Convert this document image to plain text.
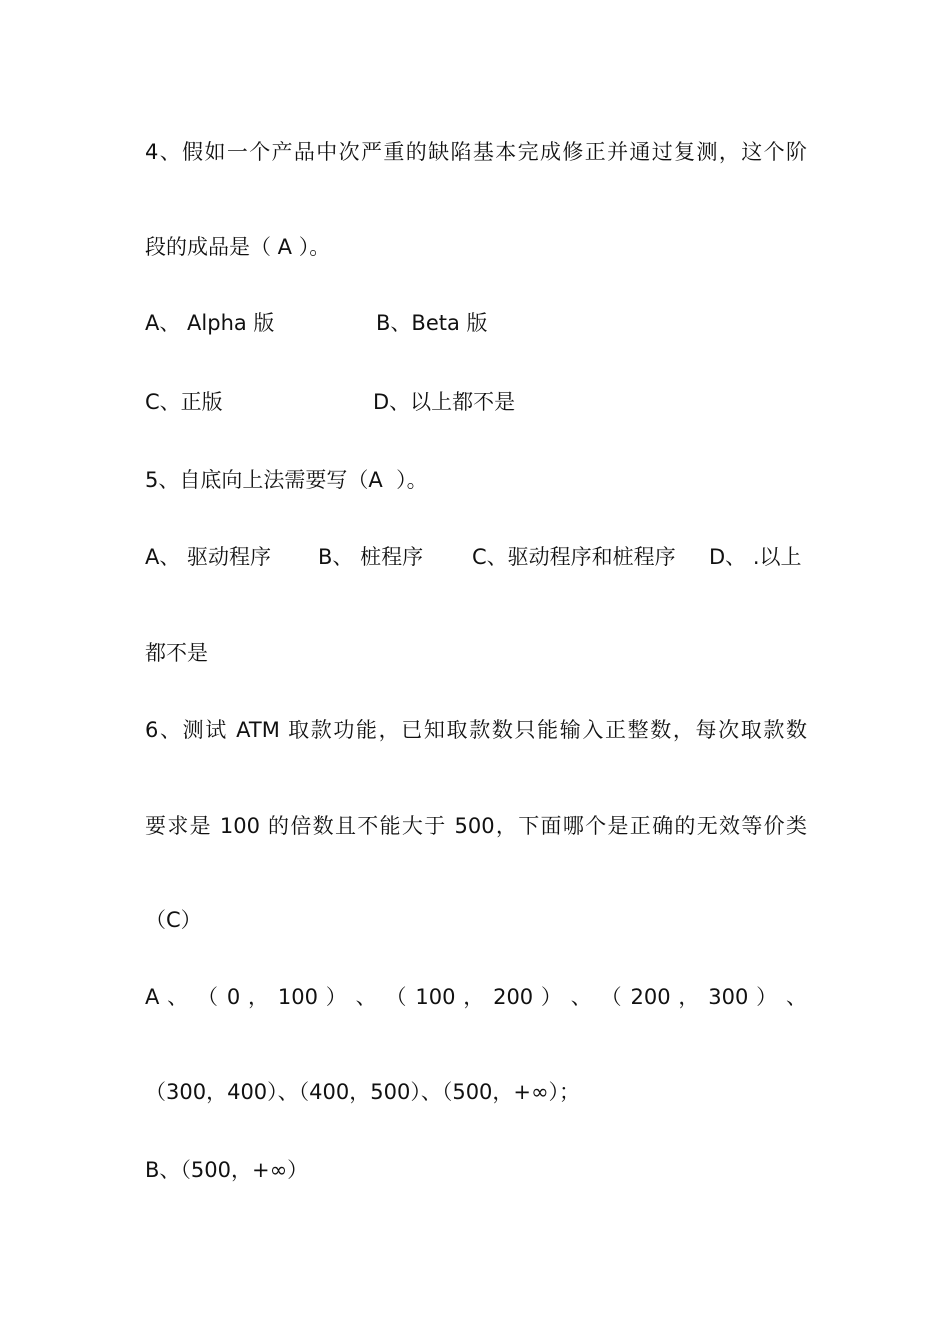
4、假如一个产品中次严重的缺陷基本完成修正并通过复测，这个阶
段的成品是（ A ）。

A、 Alpha 版

	B、Beta 版

C、正版

	D、以上都不是

5、自底向上法需要写（A  ）。

A、 驱动程序

B、 桩程序

C、驱动程序和桩程序

D、 .以上

都不是
6、测试 ATM 取款功能，已知取款数只能输入正整数，每次取款数
要求是 100 的倍数且不能大于 500，下面哪个是正确的无效等价类
（C）
A 、 （ 0 ， 100 ） 、 （ 100 ， 200 ） 、 （ 200 ， 300 ） 、
（300，400）、（400，500）、（500，+∞）；
B、（500，+∞）
